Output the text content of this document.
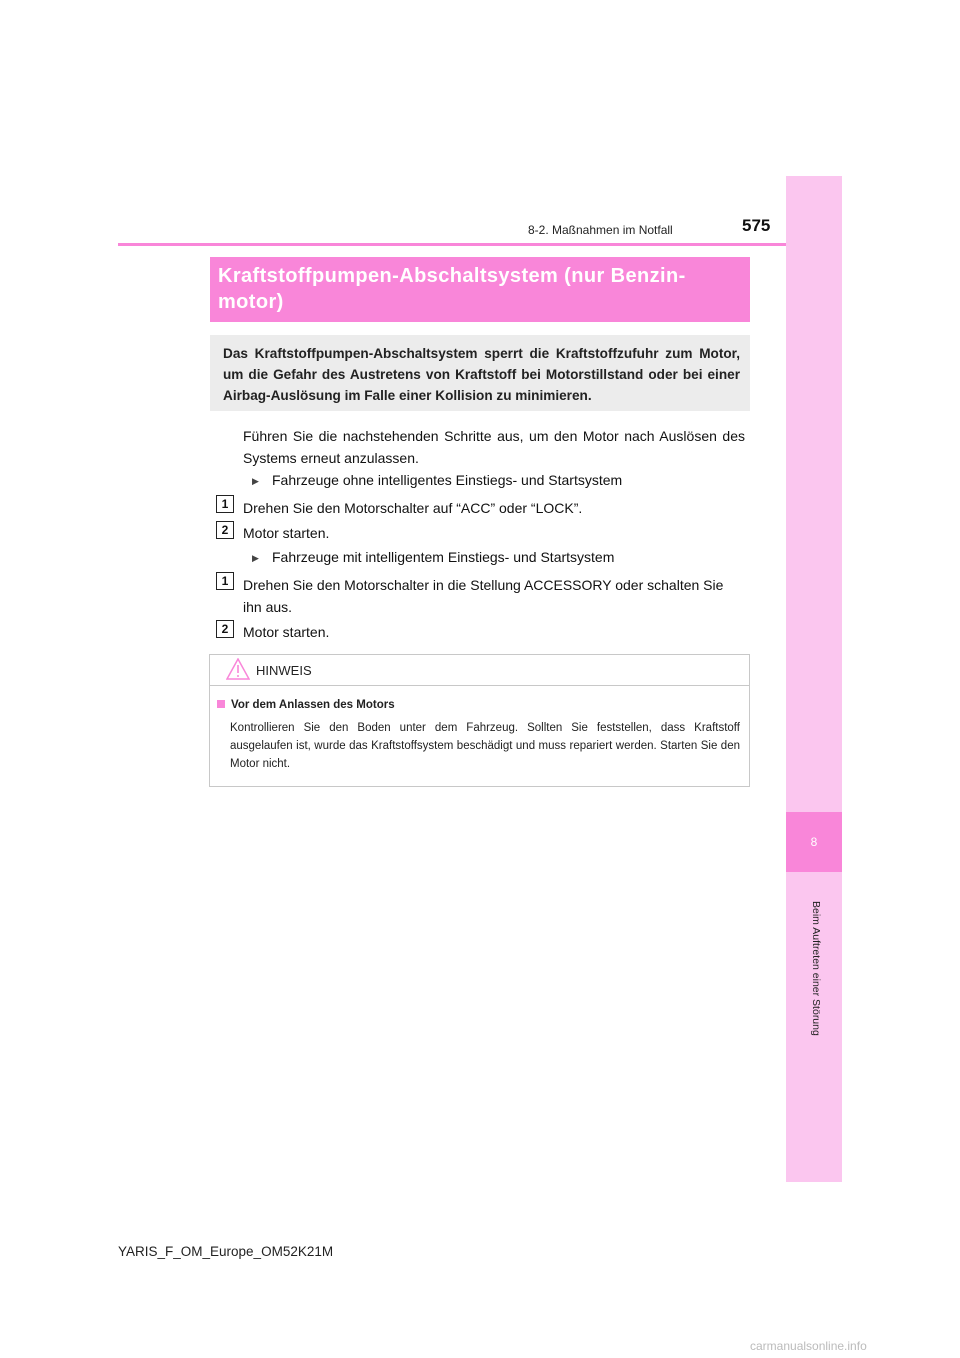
8
Beim Auftreten einer Störung
8-2. Maßnahmen im Notfall	575
Kraftstoffpumpen-Abschaltsystem (nur Benzin-motor)
Das Kraftstoffpumpen-Abschaltsystem sperrt die Kraftstoffzufuhr zum Motor, um die Gefahr des Austretens von Kraftstoff bei Motorstillstand oder bei einer Airbag-Auslösung im Falle einer Kollision zu minimieren.
Führen Sie die nachstehenden Schritte aus, um den Motor nach Auslösen des Systems erneut anzulassen.
▶ Fahrzeuge ohne intelligentes Einstiegs- und Startsystem
1	Drehen Sie den Motorschalter auf “ACC” oder “LOCK”.
2	Motor starten.
▶ Fahrzeuge mit intelligentem Einstiegs- und Startsystem
1	Drehen Sie den Motorschalter in die Stellung ACCESSORY oder schalten Sie ihn aus.
2	Motor starten.
HINWEIS
Vor dem Anlassen des Motors
Kontrollieren Sie den Boden unter dem Fahrzeug. Sollten Sie feststellen, dass Kraftstoff ausgelaufen ist, wurde das Kraftstoffsystem beschädigt und muss repariert werden. Starten Sie den Motor nicht.
YARIS_F_OM_Europe_OM52K21M
carmanualsonline.info
